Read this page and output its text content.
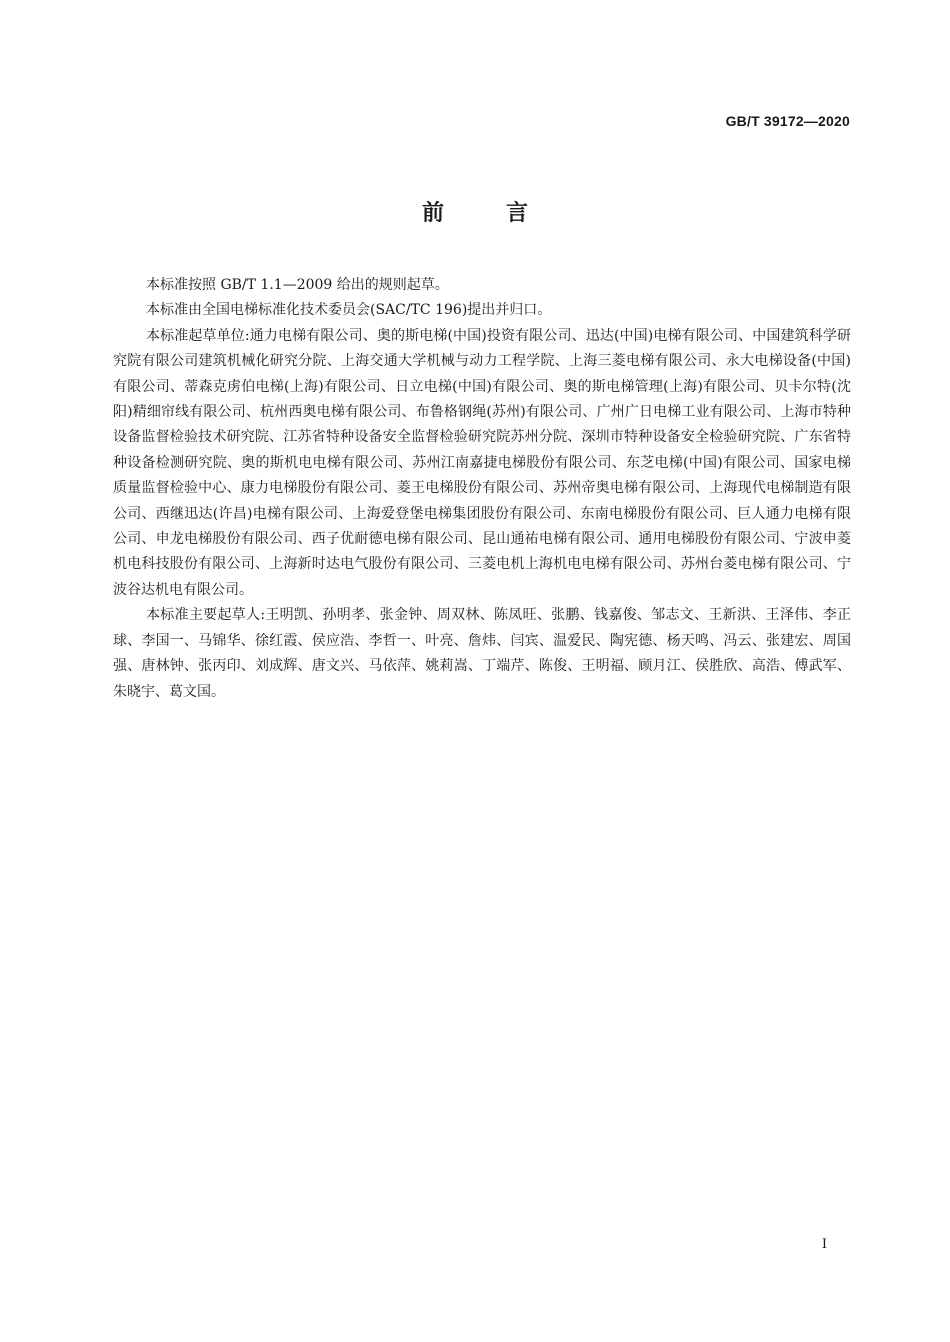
GB/T 39172—2020
前言

本标准按照 GB/T 1.1—2009 给出的规则起草。

本标准由全国电梯标准化技术委员会(SAC/TC 196)提出并归口。

本标准起草单位:通力电梯有限公司、奥的斯电梯(中国)投资有限公司、迅达(中国)电梯有限公司、中国建筑科学研究院有限公司建筑机械化研究分院、上海交通大学机械与动力工程学院、上海三菱电梯有限公司、永大电梯设备(中国)有限公司、蒂森克虏伯电梯(上海)有限公司、日立电梯(中国)有限公司、奥的斯电梯管理(上海)有限公司、贝卡尔特(沈阳)精细帘线有限公司、杭州西奥电梯有限公司、布鲁格钢绳(苏州)有限公司、广州广日电梯工业有限公司、上海市特种设备监督检验技术研究院、江苏省特种设备安全监督检验研究院苏州分院、深圳市特种设备安全检验研究院、广东省特种设备检测研究院、奥的斯机电电梯有限公司、苏州江南嘉捷电梯股份有限公司、东芝电梯(中国)有限公司、国家电梯质量监督检验中心、康力电梯股份有限公司、菱王电梯股份有限公司、苏州帝奥电梯有限公司、上海现代电梯制造有限公司、西继迅达(许昌)电梯有限公司、上海爱登堡电梯集团股份有限公司、东南电梯股份有限公司、巨人通力电梯有限公司、申龙电梯股份有限公司、西子优耐德电梯有限公司、昆山通祐电梯有限公司、通用电梯股份有限公司、宁波申菱机电科技股份有限公司、上海新时达电气股份有限公司、三菱电机上海机电电梯有限公司、苏州台菱电梯有限公司、宁波谷达机电有限公司。

本标准主要起草人:王明凯、孙明孝、张金钟、周双林、陈凤旺、张鹏、钱嘉俊、邹志文、王新洪、王泽伟、李正球、李国一、马锦华、徐红霞、侯应浩、李哲一、叶亮、詹炜、闫宾、温爱民、陶宪德、杨天鸣、冯云、张建宏、周国强、唐林钟、张丙印、刘成辉、唐文兴、马依萍、姚莉嵩、丁端芹、陈俊、王明福、顾月江、侯胜欣、高浩、傅武军、朱晓宇、葛文国。

I
